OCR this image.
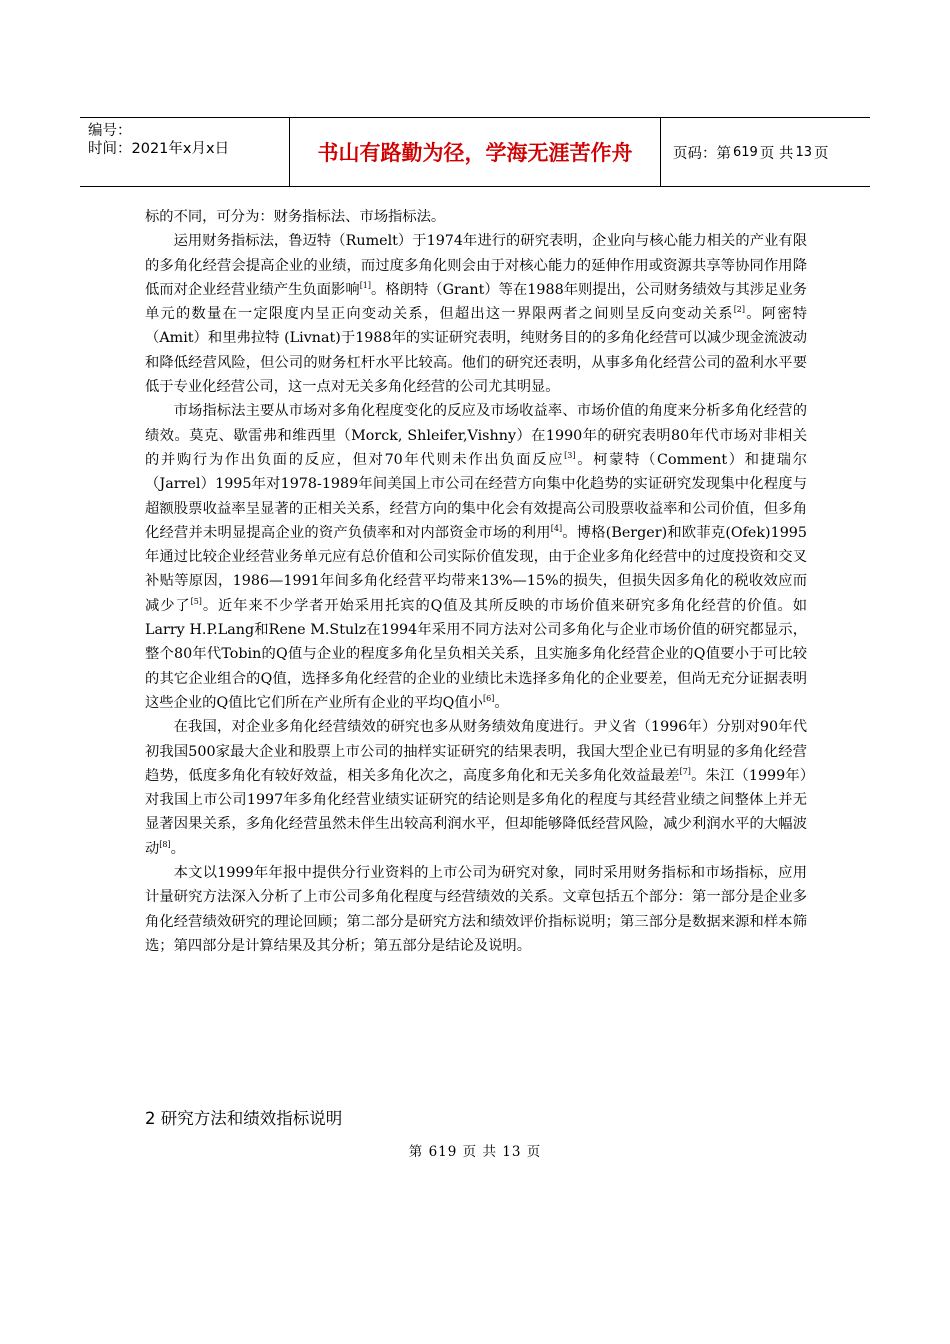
编号：
时间：2021年x月x日	书山有路勤为径，学海无涯苦作舟	页码：第 619 页 共 13 页

标的不同，可分为：财务指标法、市场指标法。

运用财务指标法，鲁迈特（Rumelt）于1974年进行的研究表明，企业向与核心能力相关的产业有限的多角化经营会提高企业的业绩，而过度多角化则会由于对核心能力的延伸作用或资源共享等协同作用降低而对企业经营业绩产生负面影响[1]。格朗特（Grant）等在1988年则提出，公司财务绩效与其涉足业务单元的数量在一定限度内呈正向变动关系，但超出这一界限两者之间则呈反向变动关系[2]。阿密特（Amit）和里弗拉特 (Livnat)于1988年的实证研究表明，纯财务目的的多角化经营可以减少现金流波动和降低经营风险，但公司的财务杠杆水平比较高。他们的研究还表明，从事多角化经营公司的盈利水平要低于专业化经营公司，这一点对无关多角化经营的公司尤其明显。

市场指标法主要从市场对多角化程度变化的反应及市场收益率、市场价值的角度来分析多角化经营的绩效。莫克、歇雷弗和维西里（Morck, Shleifer,Vishny）在1990年的研究表明80年代市场对非相关的并购行为作出负面的反应，但对70年代则未作出负面反应[3]。柯蒙特（Comment）和捷瑞尔（Jarrel）1995年对1978-1989年间美国上市公司在经营方向集中化趋势的实证研究发现集中化程度与超额股票收益率呈显著的正相关关系，经营方向的集中化会有效提高公司股票收益率和公司价值，但多角化经营并未明显提高企业的资产负债率和对内部资金市场的利用[4]。博格(Berger)和欧菲克(Ofek)1995年通过比较企业经营业务单元应有总价值和公司实际价值发现，由于企业多角化经营中的过度投资和交叉补贴等原因，1986—1991年间多角化经营平均带来13%—15%的损失，但损失因多角化的税收效应而减少了[5]。近年来不少学者开始采用托宾的Q值及其所反映的市场价值来研究多角化经营的价值。如Larry H.P.Lang和Rene M.Stulz在1994年采用不同方法对公司多角化与企业市场价值的研究都显示，整个80年代Tobin的Q值与企业的程度多角化呈负相关关系，且实施多角化经营企业的Q值要小于可比较的其它企业组合的Q值，选择多角化经营的企业的业绩比未选择多角化的企业要差，但尚无充分证据表明这些企业的Q值比它们所在产业所有企业的平均Q值小[6]。

在我国，对企业多角化经营绩效的研究也多从财务绩效角度进行。尹义省（1996年）分别对90年代初我国500家最大企业和股票上市公司的抽样实证研究的结果表明，我国大型企业已有明显的多角化经营趋势，低度多角化有较好效益，相关多角化次之，高度多角化和无关多角化效益最差[7]。朱江（1999年）对我国上市公司1997年多角化经营业绩实证研究的结论则是多角化的程度与其经营业绩之间整体上并无显著因果关系，多角化经营虽然未伴生出较高利润水平，但却能够降低经营风险，减少利润水平的大幅波动[8]。

本文以1999年年报中提供分行业资料的上市公司为研究对象，同时采用财务指标和市场指标，应用计量研究方法深入分析了上市公司多角化程度与经营绩效的关系。文章包括五个部分：第一部分是企业多角化经营绩效研究的理论回顾；第二部分是研究方法和绩效评价指标说明；第三部分是数据来源和样本筛选；第四部分是计算结果及其分析；第五部分是结论及说明。

2 研究方法和绩效指标说明
第 619 页 共 13 页
